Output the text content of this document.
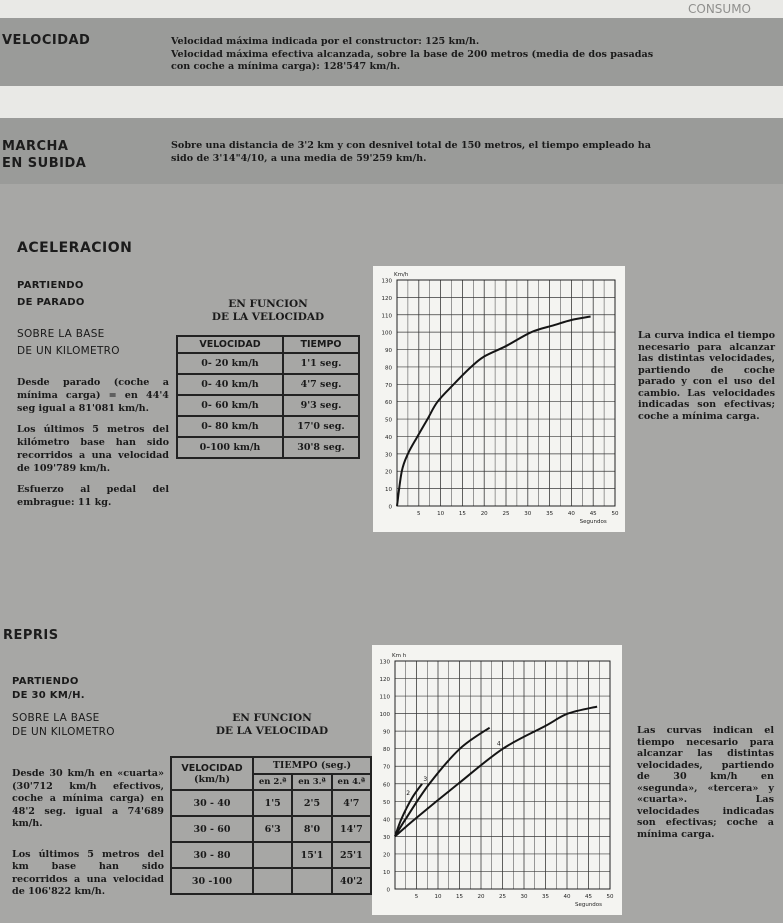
CONSUMO
VELOCIDAD	Velocidad máxima indicada por el constructor: 125 km/h.
Velocidad máxima efectiva alcanzada, sobre la base de 200 metros (media de dos pasadas
con coche a mínima carga): 128'547 km/h.
MARCHA
EN SUBIDA
Sobre una distancia de 3'2 km y con desnivel total de 150 metros, el tiempo empleado ha
sido de 3'14"4/10, a una media de 59'259 km/h.
ACELERACION
PARTIENDO
DE PARADO
SOBRE LA BASE
DE UN KILOMETRO

Desde parado (coche a mínima carga) = en 44'4 seg igual a 81'081 km/h.

Los últimos 5 metros del kilómetro base han sido recorridos a una velocidad de 109'789 km/h.

Esfuerzo al pedal del embrague: 11 kg.

EN FUNCION
DE LA VELOCIDAD
VELOCIDAD	TIEMPO
0- 20 km/h	1'1 seg.
0- 40 km/h	4'7 seg.
0- 60 km/h	9'3 seg.
0- 80 km/h	17'0 seg.
0-100 km/h	30'8 seg.
0
10
20
30
40
50
60
70
80
90
100
110
120
130
5	10	15	20	25	30	35	40	45	50
Km/h
Segundos
La curva indica el tiempo necesario para alcanzar las distintas velocidades, partiendo de coche parado y con el uso del cambio. Las velocidades indicadas son efectivas; coche a mínima carga.
REPRIS
PARTIENDO
DE 30 KM/H.
SOBRE LA BASE
DE UN KILOMETRO

Desde 30 km/h en «cuarta» (30'712 km/h efectivos, coche a mínima carga) en 48'2 seg. igual a 74'689 km/h.

Los últimos 5 metros del km base han sido recorridos a una velocidad de 106'822 km/h.

EN FUNCION
DE LA VELOCIDAD
VELOCIDAD
(km/h)	TIEMPO (seg.)		
	en 2.ª	en 3.ª	en 4.ª
30 - 40	1'5	2'5	4'7
30 - 60	6'3	8'0	14'7
30 - 80		15'1	25'1
30 -100			40'2
0
10
20
30
40
50
60
70
80
90
100
110
120
130
5	10	15	20	25	30	35	40	45	50
Km h
Segundos
2
3
4
Las curvas indican el tiempo necesario para alcanzar las distintas velocidades, partiendo de 30 km/h en «segunda», «tercera» y «cuarta». Las velocidades indicadas son efectivas; coche a mínima carga.
